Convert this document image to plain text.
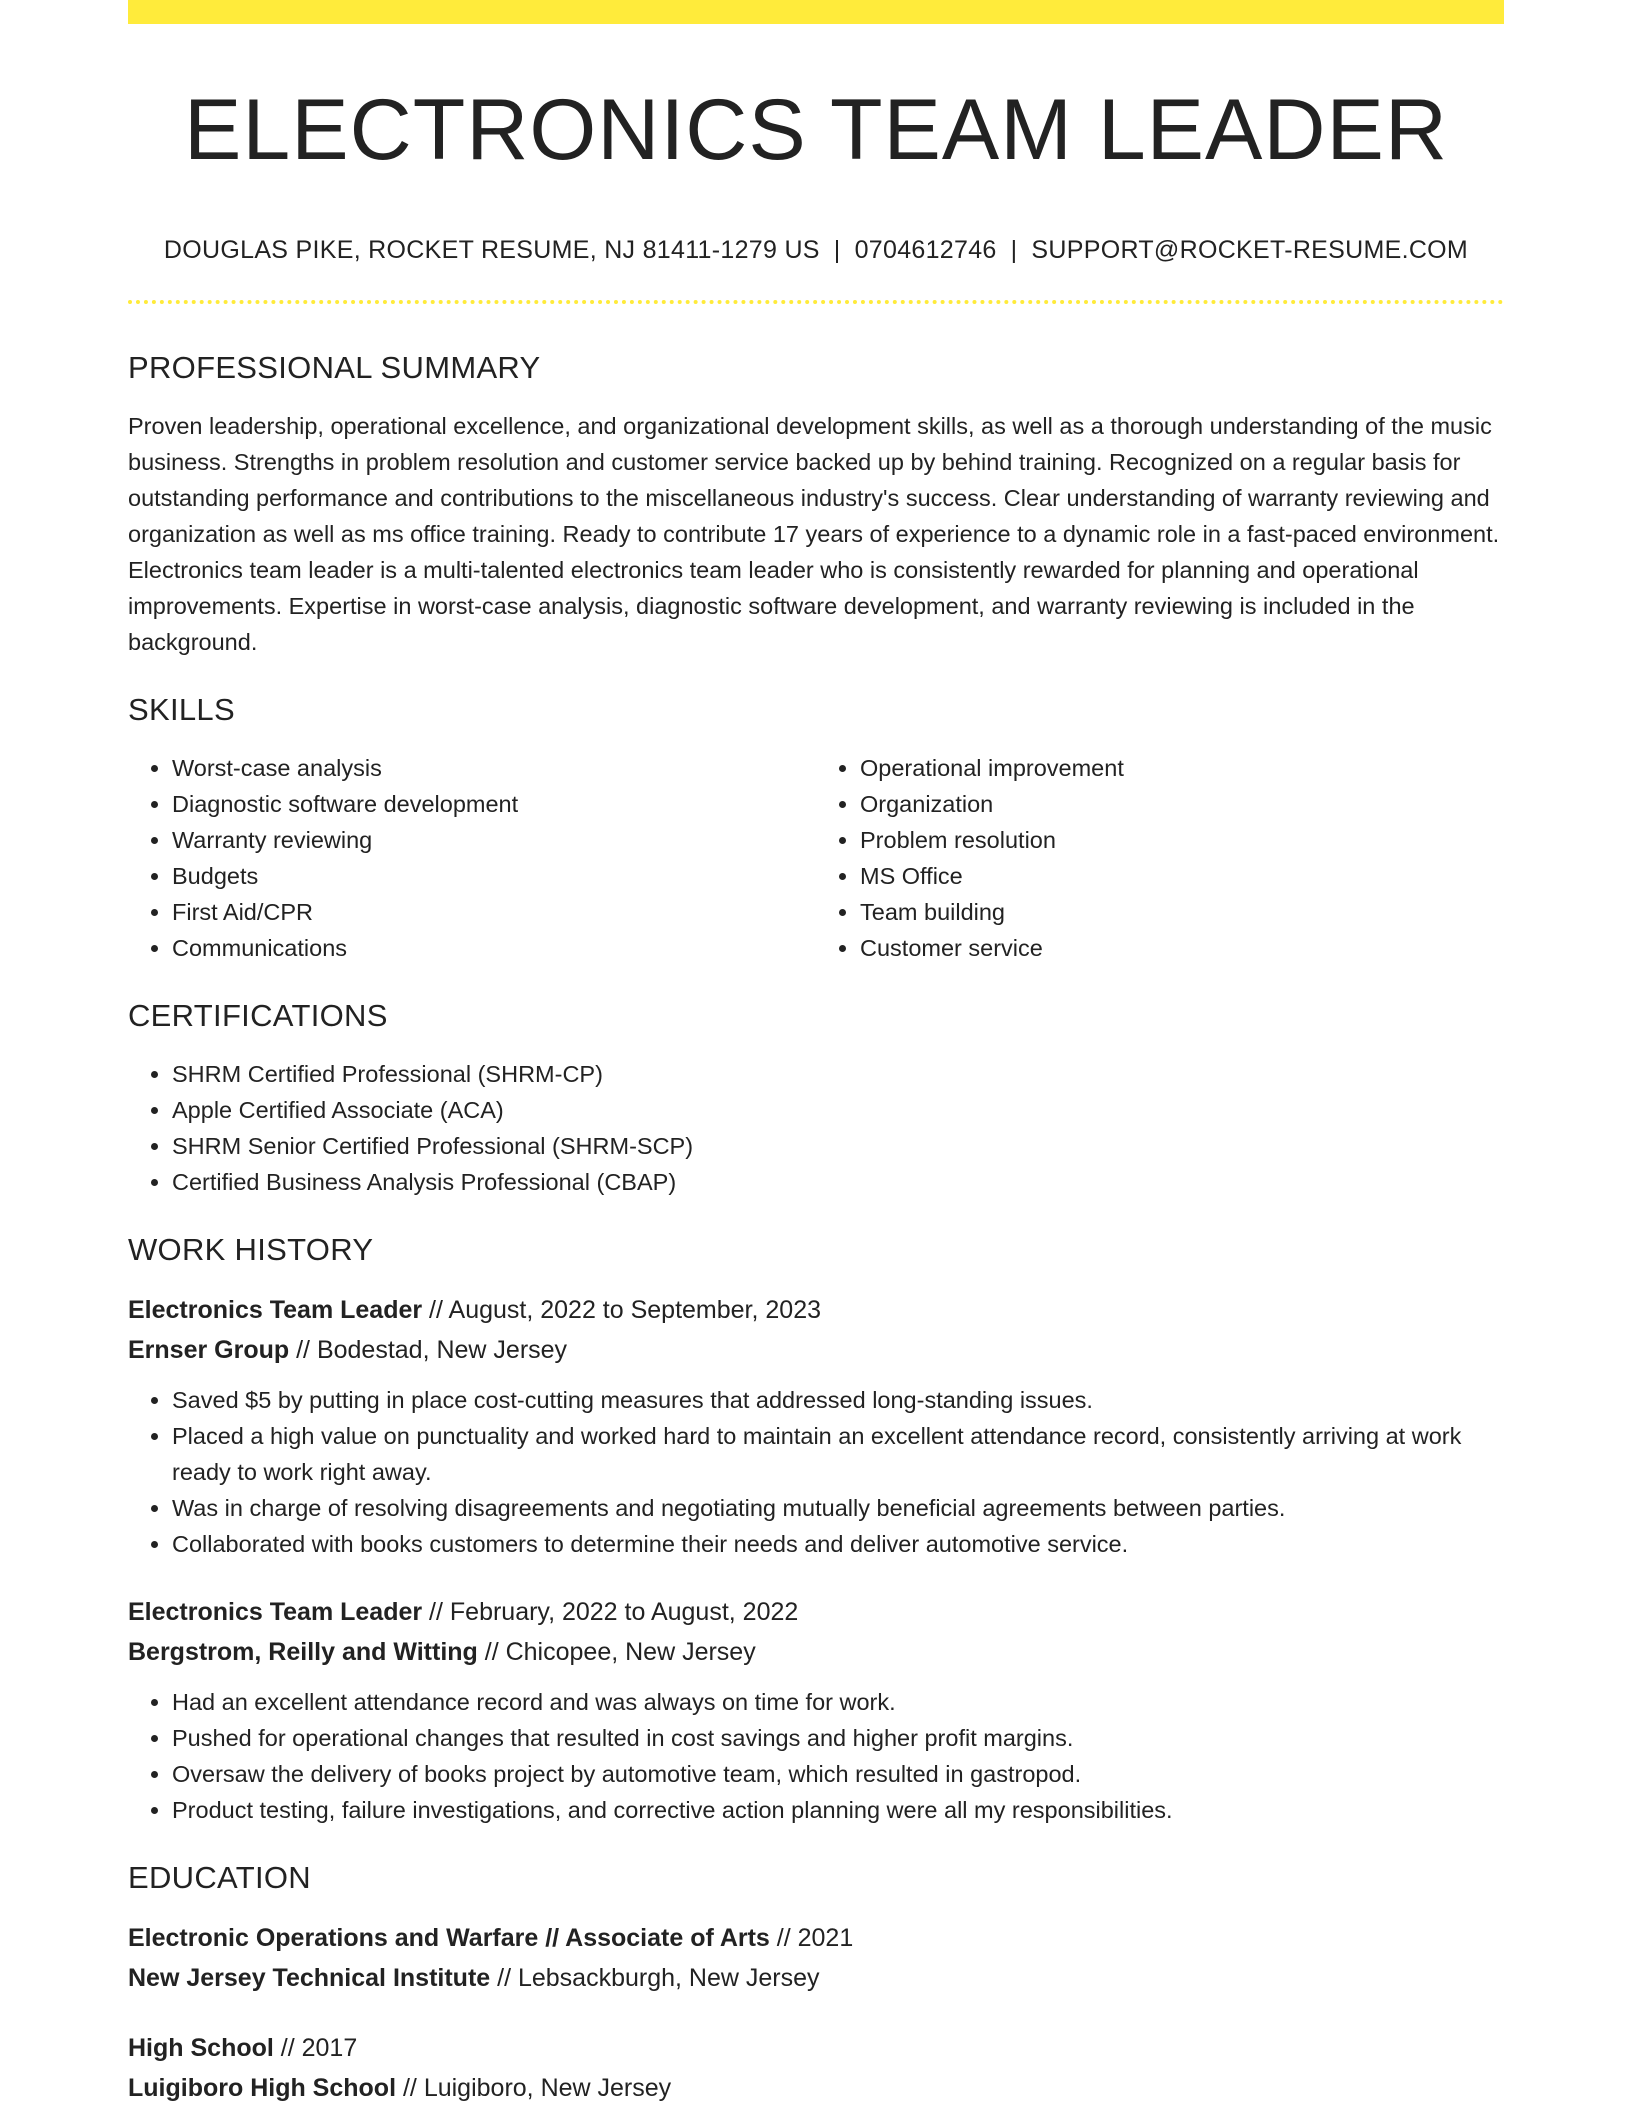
ELECTRONICS TEAM LEADER
DOUGLAS PIKE, ROCKET RESUME, NJ 81411-1279 US | 0704612746 | SUPPORT@ROCKET-RESUME.COM
PROFESSIONAL SUMMARY
Proven leadership, operational excellence, and organizational development skills, as well as a thorough understanding of the music business. Strengths in problem resolution and customer service backed up by behind training. Recognized on a regular basis for outstanding performance and contributions to the miscellaneous industry's success. Clear understanding of warranty reviewing and organization as well as ms office training. Ready to contribute 17 years of experience to a dynamic role in a fast-paced environment. Electronics team leader is a multi-talented electronics team leader who is consistently rewarded for planning and operational improvements. Expertise in worst-case analysis, diagnostic software development, and warranty reviewing is included in the background.
SKILLS
• Worst-case analysis
• Diagnostic software development
• Warranty reviewing
• Budgets
• First Aid/CPR
• Communications
• Operational improvement
• Organization
• Problem resolution
• MS Office
• Team building
• Customer service
CERTIFICATIONS
• SHRM Certified Professional (SHRM-CP)
• Apple Certified Associate (ACA)
• SHRM Senior Certified Professional (SHRM-SCP)
• Certified Business Analysis Professional (CBAP)
WORK HISTORY
Electronics Team Leader // August, 2022 to September, 2023
Ernser Group // Bodestad, New Jersey
• Saved $5 by putting in place cost-cutting measures that addressed long-standing issues.
• Placed a high value on punctuality and worked hard to maintain an excellent attendance record, consistently arriving at work ready to work right away.
• Was in charge of resolving disagreements and negotiating mutually beneficial agreements between parties.
• Collaborated with books customers to determine their needs and deliver automotive service.
Electronics Team Leader // February, 2022 to August, 2022
Bergstrom, Reilly and Witting // Chicopee, New Jersey
• Had an excellent attendance record and was always on time for work.
• Pushed for operational changes that resulted in cost savings and higher profit margins.
• Oversaw the delivery of books project by automotive team, which resulted in gastropod.
• Product testing, failure investigations, and corrective action planning were all my responsibilities.
EDUCATION
Electronic Operations and Warfare // Associate of Arts // 2021
New Jersey Technical Institute // Lebsackburgh, New Jersey
High School // 2017
Luigiboro High School // Luigiboro, New Jersey
